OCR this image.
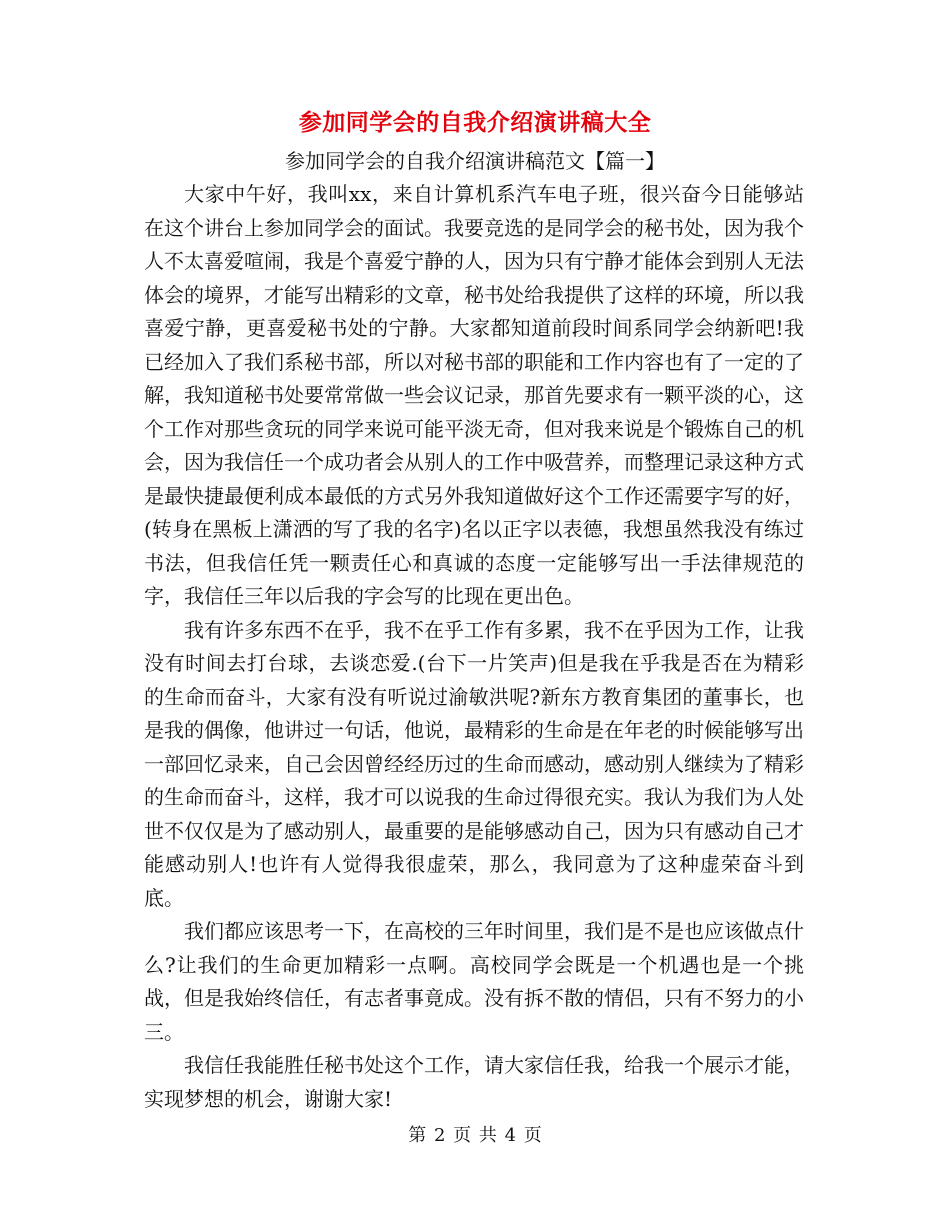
参加同学会的自我介绍演讲稿大全
参加同学会的自我介绍演讲稿范文【篇一】

大家中午好，我叫xx，来自计算机系汽车电子班，很兴奋今日能够站在这个讲台上参加同学会的面试。我要竞选的是同学会的秘书处，因为我个人不太喜爱喧闹，我是个喜爱宁静的人，因为只有宁静才能体会到别人无法体会的境界，才能写出精彩的文章，秘书处给我提供了这样的环境，所以我喜爱宁静，更喜爱秘书处的宁静。大家都知道前段时间系同学会纳新吧!我已经加入了我们系秘书部，所以对秘书部的职能和工作内容也有了一定的了解，我知道秘书处要常常做一些会议记录，那首先要求有一颗平淡的心，这个工作对那些贪玩的同学来说可能平淡无奇，但对我来说是个锻炼自己的机会，因为我信任一个成功者会从别人的工作中吸营养，而整理记录这种方式是最快捷最便利成本最低的方式另外我知道做好这个工作还需要字写的好，(转身在黑板上潇洒的写了我的名字)名以正字以表德，我想虽然我没有练过书法，但我信任凭一颗责任心和真诚的态度一定能够写出一手法律规范的字，我信任三年以后我的字会写的比现在更出色。

我有许多东西不在乎，我不在乎工作有多累，我不在乎因为工作，让我没有时间去打台球，去谈恋爱.(台下一片笑声)但是我在乎我是否在为精彩的生命而奋斗，大家有没有听说过渝敏洪呢?新东方教育集团的董事长，也是我的偶像，他讲过一句话，他说，最精彩的生命是在年老的时候能够写出一部回忆录来，自己会因曾经经历过的生命而感动，感动别人继续为了精彩的生命而奋斗，这样，我才可以说我的生命过得很充实。我认为我们为人处世不仅仅是为了感动别人，最重要的是能够感动自己，因为只有感动自己才能感动别人!也许有人觉得我很虚荣，那么，我同意为了这种虚荣奋斗到底。

我们都应该思考一下，在高校的三年时间里，我们是不是也应该做点什么?让我们的生命更加精彩一点啊。高校同学会既是一个机遇也是一个挑战，但是我始终信任，有志者事竟成。没有拆不散的情侣，只有不努力的小三。

我信任我能胜任秘书处这个工作，请大家信任我，给我一个展示才能，实现梦想的机会，谢谢大家!

第 2 页 共 4 页
